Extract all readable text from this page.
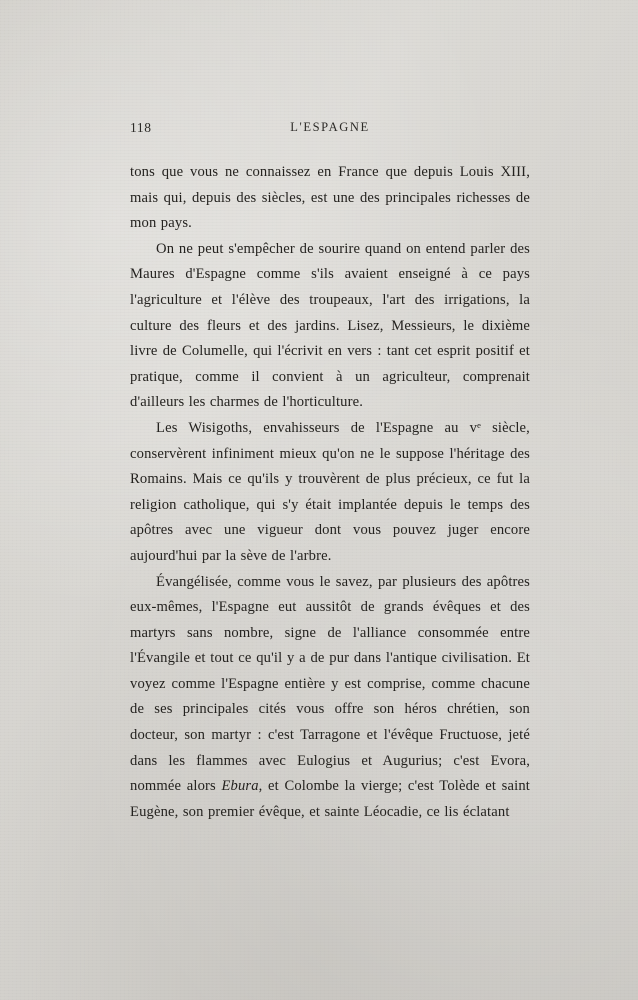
118	L'ESPAGNE

tons que vous ne connaissez en France que depuis Louis XIII, mais qui, depuis des siècles, est une des principales richesses de mon pays.

On ne peut s'empêcher de sourire quand on entend parler des Maures d'Espagne comme s'ils avaient enseigné à ce pays l'agriculture et l'élève des troupeaux, l'art des irrigations, la culture des fleurs et des jardins. Lisez, Messieurs, le dixième livre de Columelle, qui l'écrivit en vers : tant cet esprit positif et pratique, comme il convient à un agriculteur, comprenait d'ailleurs les charmes de l'horticulture.

Les Wisigoths, envahisseurs de l'Espagne au vᵉ siècle, conservèrent infiniment mieux qu'on ne le suppose l'héritage des Romains. Mais ce qu'ils y trouvèrent de plus précieux, ce fut la religion catholique, qui s'y était implantée depuis le temps des apôtres avec une vigueur dont vous pouvez juger encore aujourd'hui par la sève de l'arbre.

Évangélisée, comme vous le savez, par plusieurs des apôtres eux-mêmes, l'Espagne eut aussitôt de grands évêques et des martyrs sans nombre, signe de l'alliance consommée entre l'Évangile et tout ce qu'il y a de pur dans l'antique civilisation. Et voyez comme l'Espagne entière y est comprise, comme chacune de ses principales cités vous offre son héros chrétien, son docteur, son martyr : c'est Tarragone et l'évêque Fructuose, jeté dans les flammes avec Eulogius et Augurius; c'est Evora, nommée alors Ebura, et Colombe la vierge; c'est Tolède et saint Eugène, son premier évêque, et sainte Léocadie, ce lis éclatant
